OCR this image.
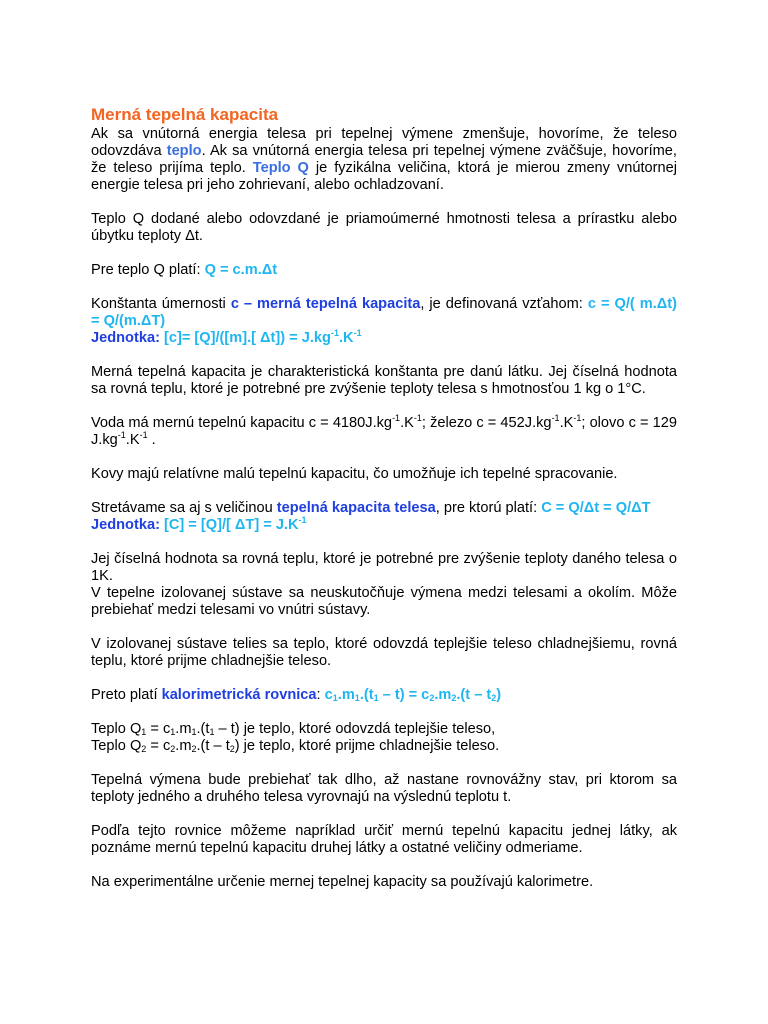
Merná tepelná kapacita

Ak sa vnútorná energia telesa pri tepelnej výmene zmenšuje, hovoríme, že teleso odovzdáva teplo. Ak sa vnútorná energia telesa pri tepelnej výmene zväčšuje, hovoríme, že teleso prijíma teplo. Teplo Q je fyzikálna veličina, ktorá je mierou zmeny vnútornej energie telesa pri jeho zohrievaní, alebo ochladzovaní.

Teplo Q dodané alebo odovzdané je priamoúmerné hmotnosti telesa a prírastku alebo úbytku teploty Δt.

Pre teplo Q platí: Q = c.m.Δt

Konštanta úmernosti c – merná tepelná kapacita, je definovaná vzťahom: c = Q/( m.Δt) = Q/(m.ΔT)
Jednotka: [c]= [Q]/([m].[ $\Delta t]) = J.kg^{-1}.K^{-1}$

Merná tepelná kapacita je charakteristická konštanta pre danú látku. Jej číselná hodnota sa rovná teplu, ktoré je potrebné pre zvýšenie teploty telesa s hmotnosťou 1 kg o 1°C.

Voda má mernú tepelnú kapacitu $c = 4180J.kg^{-1}.K^{-1}$; železo $c = 452J.kg^{-1}.K^{-1}$; olovo c = 129 $J.kg^{-1}.K^{-1}$ .

Kovy majú relatívne malú tepelnú kapacitu, čo umožňuje ich tepelné spracovanie.

Stretávame sa aj s veličinou tepelná kapacita telesa, pre ktorú platí: C = Q/Δt = Q/ΔT
Jednotka: [C] = [Q]/[ $\Delta T] = J.K^{-1}$

Jej číselná hodnota sa rovná teplu, ktoré je potrebné pre zvýšenie teploty daného telesa o 1K.
V tepelne izolovanej sústave sa neuskutočňuje výmena medzi telesami a okolím. Môže prebiehať medzi telesami vo vnútri sústavy.

V izolovanej sústave telies sa teplo, ktoré odovzdá teplejšie teleso chladnejšiemu, rovná teplu, ktoré prijme chladnejšie teleso.

Preto platí kalorimetrická rovnica: $c_1.m_1.(t_1 - t) = c_2.m_2.(t - t_2)$

Teplo $Q_1 = c_1.m_1.(t_1 - t)$ je teplo, ktoré odovzdá teplejšie teleso,
Teplo $Q_2 = c_2.m_2.(t - t_2)$ je teplo, ktoré prijme chladnejšie teleso.

Tepelná výmena bude prebiehať tak dlho, až nastane rovnovážny stav, pri ktorom sa teploty jedného a druhého telesa vyrovnajú na výslednú teplotu t.

Podľa tejto rovnice môžeme napríklad určiť mernú tepelnú kapacitu jednej látky, ak poznáme mernú tepelnú kapacitu druhej látky a ostatné veličiny odmeriame.

Na experimentálne určenie mernej tepelnej kapacity sa používajú kalorimetre.
